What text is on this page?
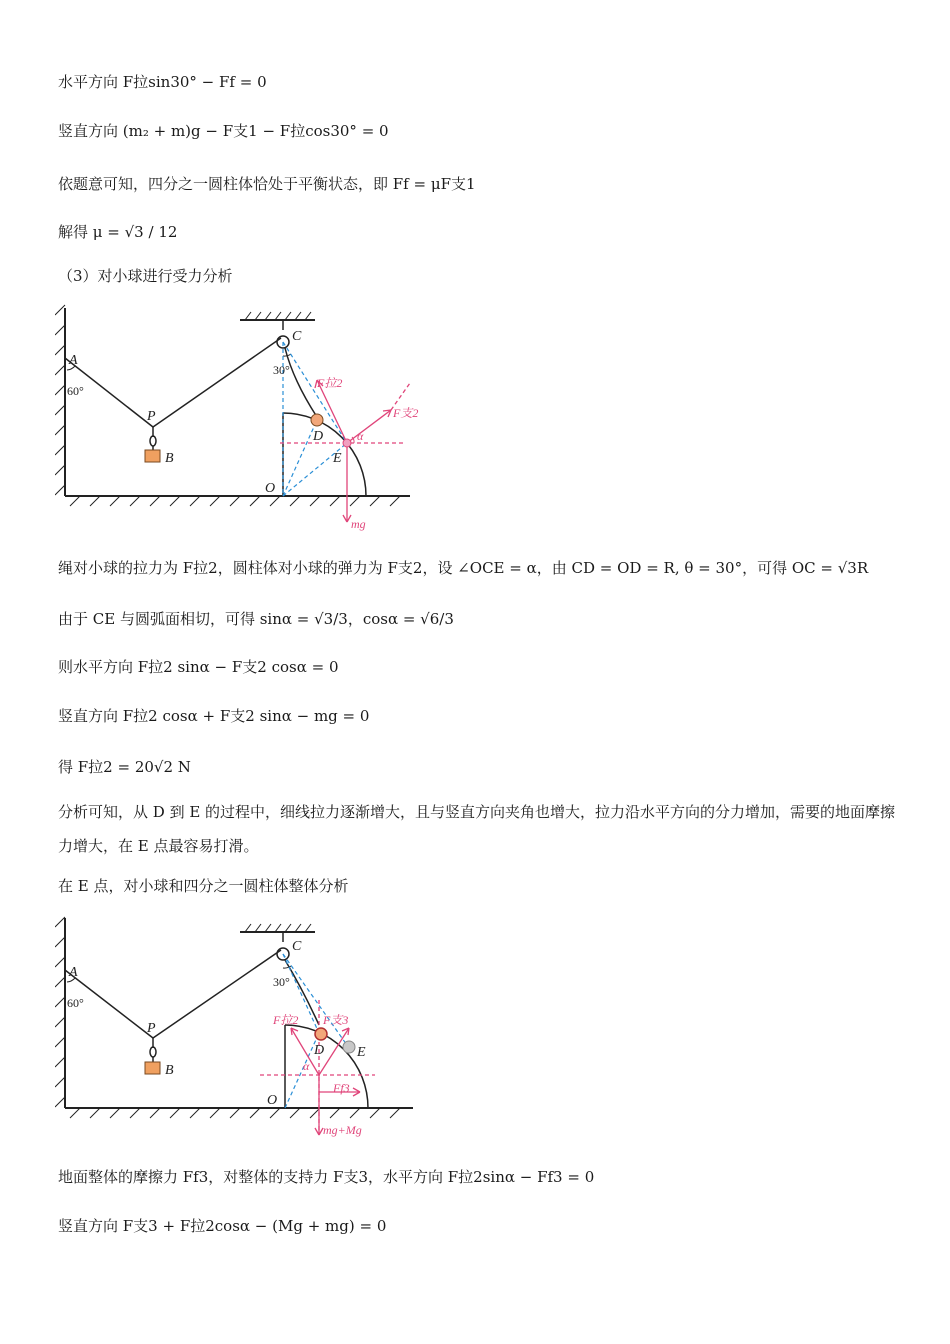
水平方向 F拉sin30° − Ff = 0
竖直方向 (m₂ + m)g − F支1 − F拉cos30° = 0
依题意可知，四分之一圆柱体恰处于平衡状态，即 Ff = μF支1
解得 μ = √3 / 12
（3）对小球进行受力分析
A
P
B
C
D
E
O
60°
30°
F拉2
F支2
α
mg
绳对小球的拉力为 F拉2，圆柱体对小球的弹力为 F支2，设 ∠OCE = α，由 CD = OD = R, θ = 30°，可得 OC = √3R
由于 CE 与圆弧面相切，可得 sinα = √3/3，cosα = √6/3
则水平方向 F拉2 sinα − F支2 cosα = 0
竖直方向 F拉2 cosα + F支2 sinα − mg = 0
得 F拉2 = 20√2 N
分析可知，从 D 到 E 的过程中，细线拉力逐渐增大，且与竖直方向夹角也增大，拉力沿水平方向的分力增加，需要的地面摩擦力增大，在 E 点最容易打滑。
在 E 点，对小球和四分之一圆柱体整体分析
A
P
B
C
D E
O
60°
30°
F拉2 F支3
α
Ff3
mg+Mg
地面整体的摩擦力 Ff3，对整体的支持力 F支3，水平方向 F拉2sinα − Ff3 = 0
竖直方向 F支3 + F拉2cosα − (Mg + mg) = 0
